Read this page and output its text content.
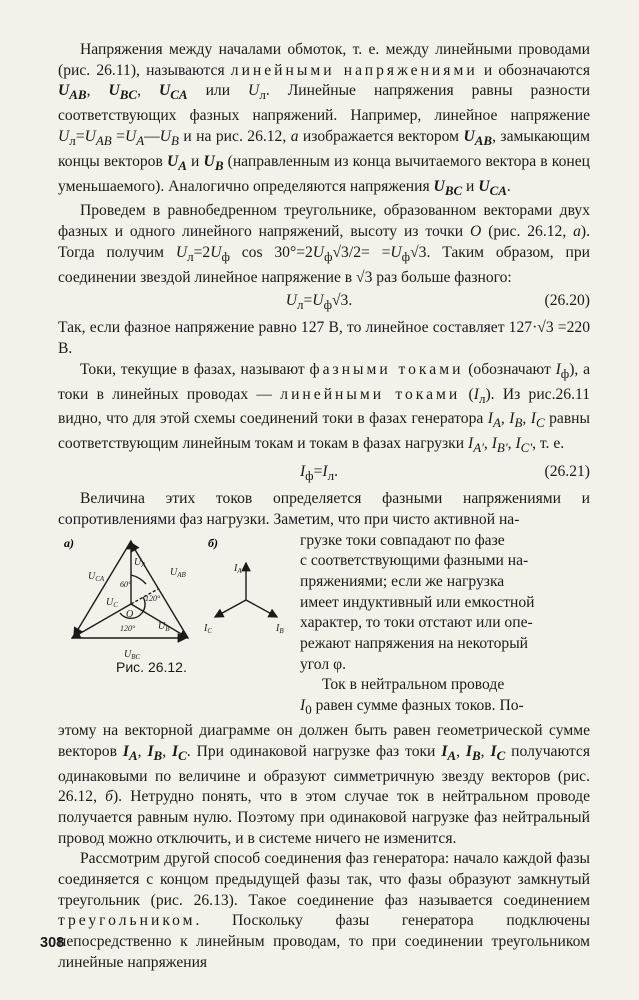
Напряжения между началами обмоток, т. е. между линейными проводами (рис. 26.11), называются линейными напряжениями и обозначаются $U_{AB}$, $U_{BC}$, $U_{CA}$ или $U_л$. Линейные напряжения равны разности соответствующих фазных напряжений. Например, линейное напряжение $U_л=U_{AB}$ $=U_A—U_B$ и на рис. 26.12, а изображается вектором $U_{AB}$, замыкающим концы векторов $U_A$ и $U_B$ (направленным из конца вычитаемого вектора в конец уменьшаемого). Аналогично определяются напряжения $U_{BC}$ и $U_{CA}$.

Проведем в равнобедренном треугольнике, образованном векторами двух фазных и одного линейного напряжений, высоту из точки О (рис. 26.12, а). Тогда получим $U_л=2U_ф$ $\cos 30^\circ=2U_ф√3/2= =U_ф√3$. Таким образом, при соединении звездой линейное напряжение в √3 раз больше фазного:

$U_л=U_ф√3$.	(26.20)

Так, если фазное напряжение равно 127 В, то линейное составляет 127·√3 =220 В.

Токи, текущие в фазах, называют фазными токами (обозначают $I_ф$), а токи в линейных проводах — линейными токами $(I_л)$. Из рис.26.11 видно, что для этой схемы соединений токи в фазах генератора $I_A$, $I_B$, $I_C$ равны соответствующим линейным токам и токам в фазах нагрузки $I_{A'}$, $I_{B'}$, $I_{C'}$, т. е.

$I_ф=I_л$.	(26.21)

Величина этих токов определяется фазными напряжениями и сопротивлениями фаз нагрузки. Заметим, что при чисто активной на-

а)
$U_{CA}$
$U_{AB}$
$U_A$
$U_C$
$U_B$
$U_{BC}$
O
60°
120°
120°
б)
$I_A$
$I_B$
$I_C$
Рис. 26.12.
грузке токи совпадают по фазе
с соответствующими фазными на-
пряжениями; если же нагрузка
имеет индуктивный или емкостной
характер, то токи отстают или опе-
режают напряжения на некоторый
угол φ.
Ток в нейтральном проводе
$I_0$ равен сумме фазных токов. По-

этому на векторной диаграмме он должен быть равен геометрической сумме векторов $I_A$, $I_B$, $I_C$. При одинаковой нагрузке фаз токи $I_A$, $I_B$, $I_C$ получаются одинаковыми по величине и образуют симметричную звезду векторов (рис. 26.12, б). Нетрудно понять, что в этом случае ток в нейтральном проводе получается равным нулю. Поэтому при одинаковой нагрузке фаз нейтральный провод можно отключить, и в системе ничего не изменится.

Рассмотрим другой способ соединения фаз генератора: начало каждой фазы соединяется с концом предыдущей фазы так, что фазы образуют замкнутый треугольник (рис. 26.13). Такое соединение фаз называется соединением треугольником. Поскольку фазы генератора подключены непосредственно к линейным проводам, то при соединении треугольником линейные напряжения

308
